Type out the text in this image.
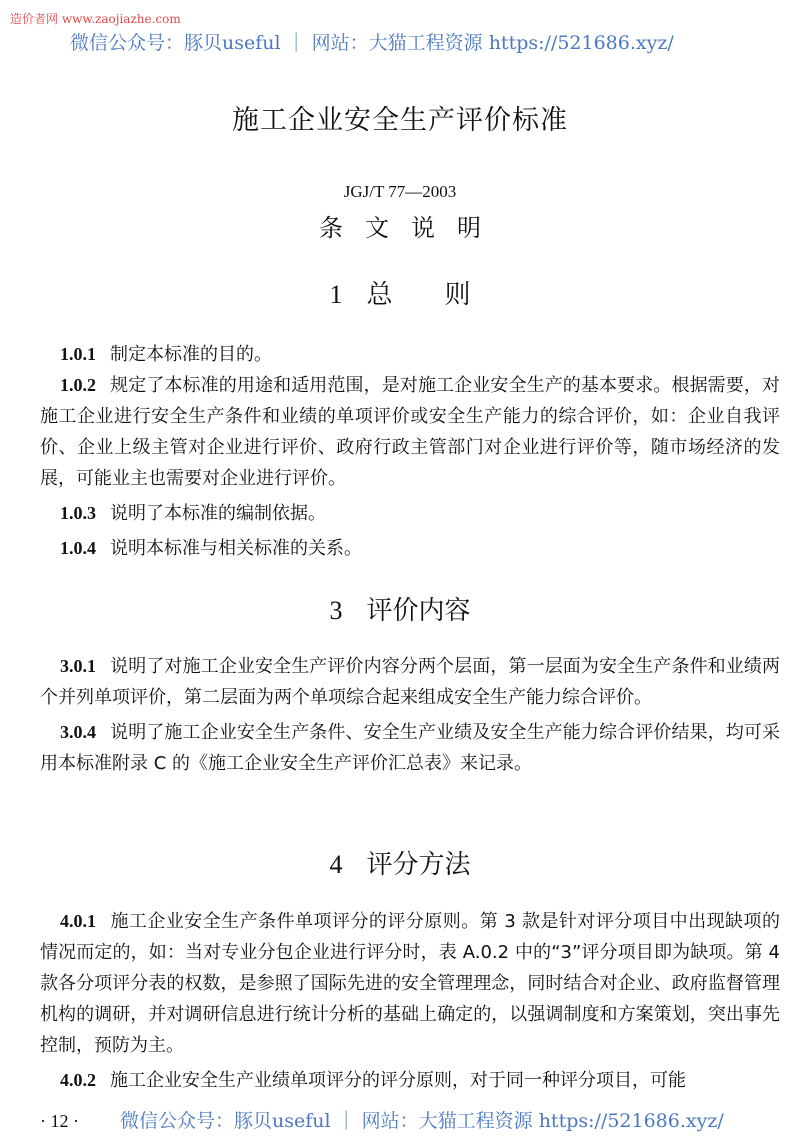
造价者网 www.zaojiazhe.com
微信公众号：豚贝useful ｜ 网站：大猫工程资源 https://521686.xyz/
施工企业安全生产评价标准
JGJ/T 77—2003
条文说明
1 总　　则

1.0.1 制定本标准的目的。

1.0.2 规定了本标准的用途和适用范围，是对施工企业安全生产的基本要求。根据需要，对施工企业进行安全生产条件和业绩的单项评价或安全生产能力的综合评价，如：企业自我评价、企业上级主管对企业进行评价、政府行政主管部门对企业进行评价等，随市场经济的发展，可能业主也需要对企业进行评价。

1.0.3 说明了本标准的编制依据。

1.0.4 说明本标准与相关标准的关系。

3 评价内容

3.0.1 说明了对施工企业安全生产评价内容分两个层面，第一层面为安全生产条件和业绩两个并列单项评价，第二层面为两个单项综合起来组成安全生产能力综合评价。

3.0.4 说明了施工企业安全生产条件、安全生产业绩及安全生产能力综合评价结果，均可采用本标准附录 C 的《施工企业安全生产评价汇总表》来记录。

4 评分方法

4.0.1 施工企业安全生产条件单项评分的评分原则。第 3 款是针对评分项目中出现缺项的情况而定的，如：当对专业分包企业进行评分时，表 A.0.2 中的“3”评分项目即为缺项。第 4 款各分项评分表的权数，是参照了国际先进的安全管理理念，同时结合对企业、政府监督管理机构的调研，并对调研信息进行统计分析的基础上确定的，以强调制度和方案策划，突出事先控制，预防为主。

4.0.2 施工企业安全生产业绩单项评分的评分原则，对于同一种评分项目，可能

· 12 · 微信公众号：豚贝useful ｜ 网站：大猫工程资源 https://521686.xyz/
